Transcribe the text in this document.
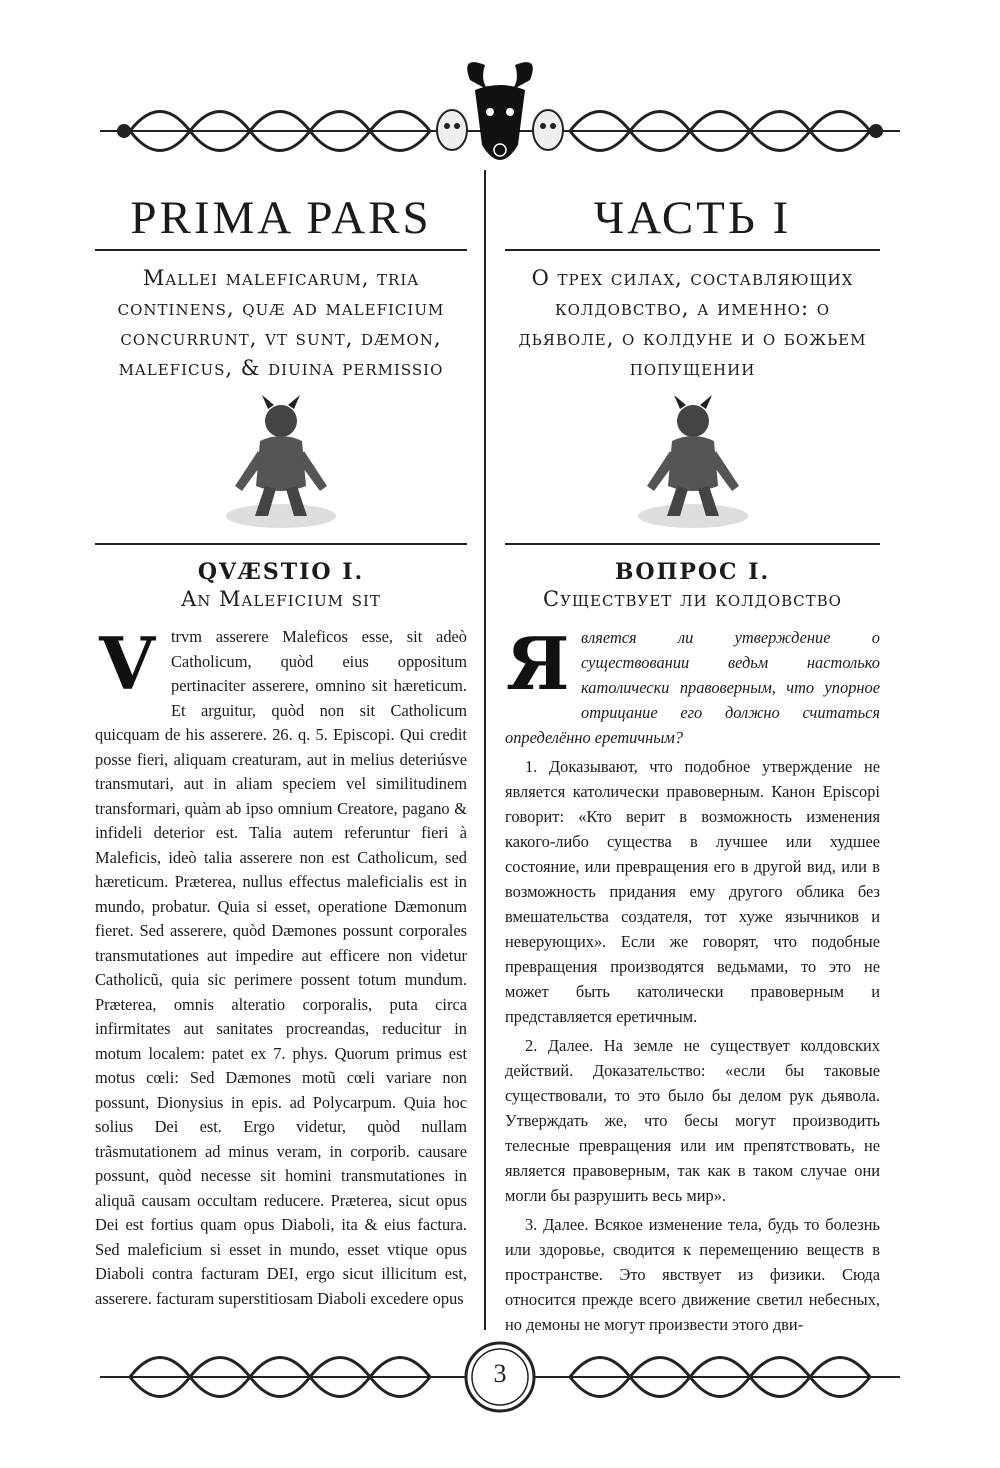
PRIMA PARS
Mallei maleficarum, tria continens, quæ ad maleficium concurrunt, vt sunt, dæmon, maleficus, & diuina permissio
QVÆSTIO I.
An Maleficium sit
V trvm asserere Maleficos esse, sit adeò Catholicum, quòd eius oppositum pertinaciter asserere, omnino sit hæreticum. Et arguitur, quòd non sit Catholicum quicquam de his asserere. 26. q. 5. Episcopi. Qui credit posse fieri, aliquam creaturam, aut in melius deteriúsve transmutari, aut in aliam speciem vel similitudinem transformari, quàm ab ipso omnium Creatore, pagano & infideli deterior est. Talia autem referuntur fieri à Maleficis, ideò talia asserere non est Catholicum, sed hæreticum. Præterea, nullus effectus maleficialis est in mundo, probatur. Quia si esset, operatione Dæmonum fieret. Sed asserere, quòd Dæmones possunt corporales transmutationes aut impedire aut efficere non videtur Catholicũ, quia sic perimere possent totum mundum. Præterea, omnis alteratio corporalis, puta circa infirmitates aut sanitates procreandas, reducitur in motum localem: patet ex 7. phys. Quorum primus est motus cœli: Sed Dæmones motũ cœli variare non possunt, Dionysius in epis. ad Polycarpum. Quia hoc solius Dei est. Ergo videtur, quòd nullam trãsmutationem ad minus veram, in corporib. causare possunt, quòd necesse sit homini transmutationes in aliquã causam occultam reducere. Præterea, sicut opus Dei est fortius quam opus Diaboli, ita & eius factura. Sed maleficium si esset in mundo, esset vtique opus Diaboli contra facturam DEI, ergo sicut illicitum est, asserere. facturam superstitiosam Diaboli excedere opus
ЧАСТЬ I
О трех силах, составляющих колдовство, а именно: о дьяволе, о колдуне и о божьем попущении
ВОПРОС I.
Существует ли колдовство
Я вляется ли утверждение о существовании ведьм настолько католически правоверным, что упорное отрицание его должно считаться определённо еретичным?

1. Доказывают, что подобное утверждение не является католически правоверным. Канон Episcopi говорит: «Кто верит в возможность изменения какого-либо существа в лучшее или худшее состояние, или превращения его в другой вид, или в возможность придания ему другого облика без вмешательства создателя, тот хуже язычников и неверующих». Если же говорят, что подобные превращения производятся ведьмами, то это не может быть католически правоверным и представляется еретичным.

2. Далее. На земле не существует колдовских действий. Доказательство: «если бы таковые существовали, то это было бы делом рук дьявола. Утверждать же, что бесы могут производить телесные превращения или им препятствовать, не является правоверным, так как в таком случае они могли бы разрушить весь мир».

3. Далее. Всякое изменение тела, будь то болезнь или здоровье, сводится к перемещению веществ в пространстве. Это явствует из физики. Сюда относится прежде всего движение светил небесных, но демоны не могут произвести этого дви-

3
